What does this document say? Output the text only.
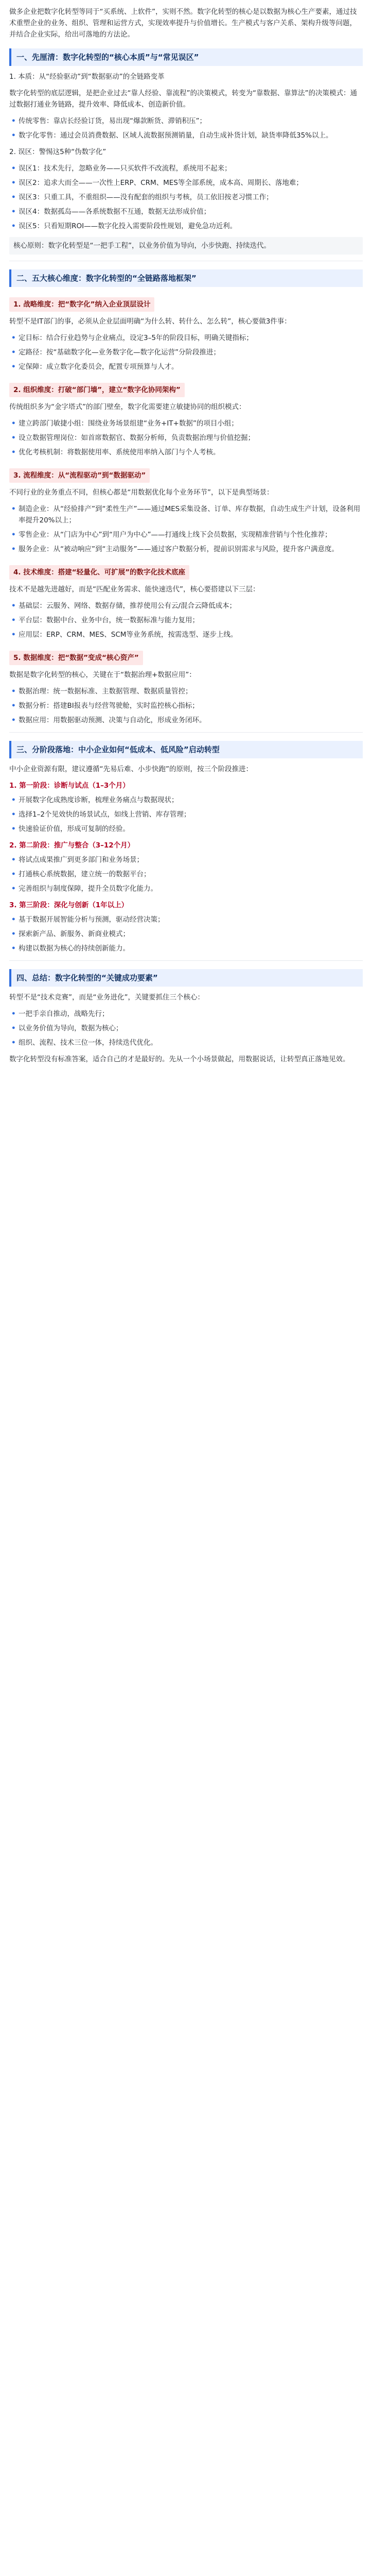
做多企业把数字化转型等同于“买系统、上软件”，实则不然。数字化转型的核心是以数据为核心生产要素，通过技术重塑企业的业务、组织、管理和运营方式，实现效率提升与价值增长。生产模式与客户关系、架构升级等问题，并结合企业实际，给出可落地的方法论。

一、先厘清：数字化转型的“核心本质”与“常见误区”

1. 本质：从“经验驱动”到“数据驱动”的全链路变革

数字化转型的底层逻辑，是把企业过去“靠人经验、靠流程”的决策模式，转变为“靠数据、靠算法”的决策模式：通过数据打通业务链路，提升效率、降低成本、创造新价值。

• 传统零售：靠店长经验订货，易出现“爆款断货、滞销积压”；
• 数字化零售：通过会员消费数据、区域人流数据预测销量，自动生成补货计划，缺货率降低35%以上。

2. 误区：警惕这5种“伪数字化”

• 误区1：技术先行，忽略业务——只买软件不改流程，系统用不起来；
• 误区2：追求大而全——一次性上ERP、CRM、MES等全部系统，成本高、周期长、落地难；
• 误区3：只重工具，不重组织——没有配套的组织与考核，员工依旧按老习惯工作；
• 误区4：数据孤岛——各系统数据不互通，数据无法形成价值；
• 误区5：只看短期ROI——数字化投入需要阶段性规划，避免急功近利。
核心原则：数字化转型是“一把手工程”，以业务价值为导向，小步快跑、持续迭代。
二、五大核心维度：数字化转型的“全链路落地框架”
1. 战略维度：把“数字化”纳入企业顶层设计

转型不是IT部门的事，必须从企业层面明确“为什么转、转什么、怎么转”，核心要做3件事：

• 定目标：结合行业趋势与企业痛点，设定3–5年的阶段目标，明确关键指标；
• 定路径：按“基础数字化—业务数字化—数字化运营”分阶段推进；
• 定保障：成立数字化委员会，配置专项预算与人才。
2. 组织维度：打破“部门墙”，建立“数字化协同架构”

传统组织多为“金字塔式”的部门壁垒，数字化需要建立敏捷协同的组织模式：

• 建立跨部门敏捷小组：围绕业务场景组建“业务+IT+数据”的项目小组；
• 设立数据管理岗位：如首席数据官、数据分析师，负责数据治理与价值挖掘；
• 优化考核机制：将数据使用率、系统使用率纳入部门与个人考核。
3. 流程维度：从“流程驱动”到“数据驱动”

不同行业的业务重点不同，但核心都是“用数据优化每个业务环节”，以下是典型场景：

• 制造企业：从“经验排产”到“柔性生产”——通过MES采集设备、订单、库存数据，自动生成生产计划，设备利用率提升20%以上；
• 零售企业：从“门店为中心”到“用户为中心”——打通线上线下会员数据，实现精准营销与个性化推荐；
• 服务企业：从“被动响应”到“主动服务”——通过客户数据分析，提前识别需求与风险，提升客户满意度。
4. 技术维度：搭建“轻量化、可扩展”的数字化技术底座

技术不是越先进越好，而是“匹配业务需求、能快速迭代”，核心要搭建以下三层：

• 基础层：云服务、网络、数据存储，推荐使用公有云/混合云降低成本；
• 平台层：数据中台、业务中台，统一数据标准与能力复用；
• 应用层：ERP、CRM、MES、SCM等业务系统，按需选型、逐步上线。
5. 数据维度：把“数据”变成“核心资产”

数据是数字化转型的核心，关键在于“数据治理+数据应用”：

• 数据治理：统一数据标准、主数据管理、数据质量管控；
• 数据分析：搭建BI报表与经营驾驶舱，实时监控核心指标；
• 数据应用：用数据驱动预测、决策与自动化，形成业务闭环。
三、分阶段落地：中小企业如何“低成本、低风险”启动转型

中小企业资源有限，建议遵循“先易后难、小步快跑”的原则，按三个阶段推进：

1. 第一阶段：诊断与试点（1–3个月）
• 开展数字化成熟度诊断，梳理业务痛点与数据现状；
• 选择1–2个见效快的场景试点，如线上营销、库存管理；
• 快速验证价值，形成可复制的经验。
2. 第二阶段：推广与整合（3–12个月）
• 将试点成果推广到更多部门和业务场景；
• 打通核心系统数据，建立统一的数据平台；
• 完善组织与制度保障，提升全员数字化能力。
3. 第三阶段：深化与创新（1年以上）
• 基于数据开展智能分析与预测，驱动经营决策；
• 探索新产品、新服务、新商业模式；
• 构建以数据为核心的持续创新能力。
四、总结：数字化转型的“关键成功要素”

转型不是“技术竞赛”，而是“业务进化”，关键要抓住三个核心：

• 一把手亲自推动，战略先行；
• 以业务价值为导向，数据为核心；
• 组织、流程、技术三位一体，持续迭代优化。

数字化转型没有标准答案，适合自己的才是最好的。先从一个小场景做起，用数据说话，让转型真正落地见效。
